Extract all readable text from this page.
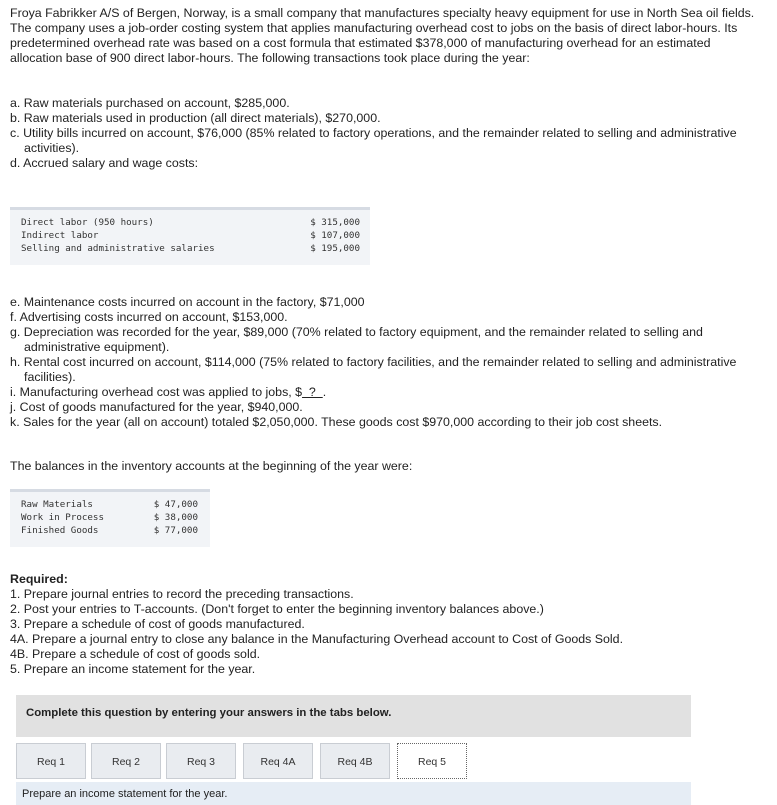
Froya Fabrikker A/S of Bergen, Norway, is a small company that manufactures specialty heavy equipment for use in North Sea oil fields. The company uses a job-order costing system that applies manufacturing overhead cost to jobs on the basis of direct labor-hours. Its predetermined overhead rate was based on a cost formula that estimated $378,000 of manufacturing overhead for an estimated allocation base of 900 direct labor-hours. The following transactions took place during the year:
a. Raw materials purchased on account, $285,000.
b. Raw materials used in production (all direct materials), $270,000.
c. Utility bills incurred on account, $76,000 (85% related to factory operations, and the remainder related to selling and administrative
activities).
d. Accrued salary and wage costs:
Direct labor (950 hours)	$ 315,000
Indirect labor	$ 107,000
Selling and administrative salaries	$ 195,000
e. Maintenance costs incurred on account in the factory, $71,000
f. Advertising costs incurred on account, $153,000.
g. Depreciation was recorded for the year, $89,000 (70% related to factory equipment, and the remainder related to selling and
administrative equipment).
h. Rental cost incurred on account, $114,000 (75% related to factory facilities, and the remainder related to selling and administrative
facilities).
i. Manufacturing overhead cost was applied to jobs, $  ?  .
j. Cost of goods manufactured for the year, $940,000.
k. Sales for the year (all on account) totaled $2,050,000. These goods cost $970,000 according to their job cost sheets.
The balances in the inventory accounts at the beginning of the year were:
Raw Materials	$ 47,000
Work in Process	$ 38,000
Finished Goods	$ 77,000
Required:
1. Prepare journal entries to record the preceding transactions.
2. Post your entries to T-accounts. (Don't forget to enter the beginning inventory balances above.)
3. Prepare a schedule of cost of goods manufactured.
4A. Prepare a journal entry to close any balance in the Manufacturing Overhead account to Cost of Goods Sold.
4B. Prepare a schedule of cost of goods sold.
5. Prepare an income statement for the year.
Complete this question by entering your answers in the tabs below.
Req 1	Req 2	Req 3	Req 4A	Req 4B	Req 5
Prepare an income statement for the year.
